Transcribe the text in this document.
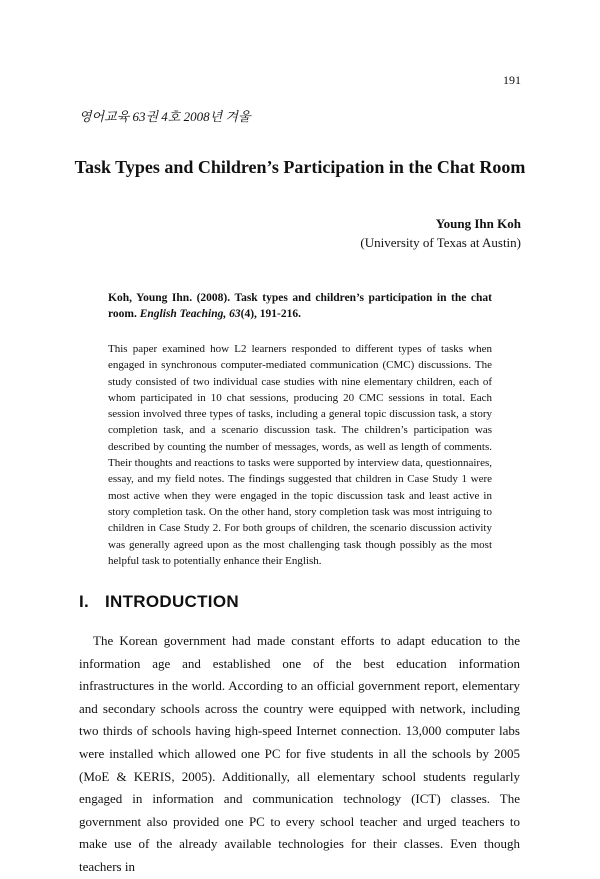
191
영어교육 63권 4호 2008년 겨울
Task Types and Children’s Participation in the Chat Room
Young Ihn Koh
(University of Texas at Austin)
Koh, Young Ihn. (2008). Task types and children’s participation in the chat room. English Teaching, 63(4), 191-216.
This paper examined how L2 learners responded to different types of tasks when engaged in synchronous computer-mediated communication (CMC) discussions. The study consisted of two individual case studies with nine elementary children, each of whom participated in 10 chat sessions, producing 20 CMC sessions in total. Each session involved three types of tasks, including a general topic discussion task, a story completion task, and a scenario discussion task. The children’s participation was described by counting the number of messages, words, as well as length of comments. Their thoughts and reactions to tasks were supported by interview data, questionnaires, essay, and my field notes. The findings suggested that children in Case Study 1 were most active when they were engaged in the topic discussion task and least active in story completion task. On the other hand, story completion task was most intriguing to children in Case Study 2. For both groups of children, the scenario discussion activity was generally agreed upon as the most challenging task though possibly as the most helpful task to potentially enhance their English.
I. INTRODUCTION
The Korean government had made constant efforts to adapt education to the information age and established one of the best education information infrastructures in the world. According to an official government report, elementary and secondary schools across the country were equipped with network, including two thirds of schools having high-speed Internet connection. 13,000 computer labs were installed which allowed one PC for five students in all the schools by 2005 (MoE & KERIS, 2005). Additionally, all elementary school students regularly engaged in information and communication technology (ICT) classes. The government also provided one PC to every school teacher and urged teachers to make use of the already available technologies for their classes. Even though teachers in
